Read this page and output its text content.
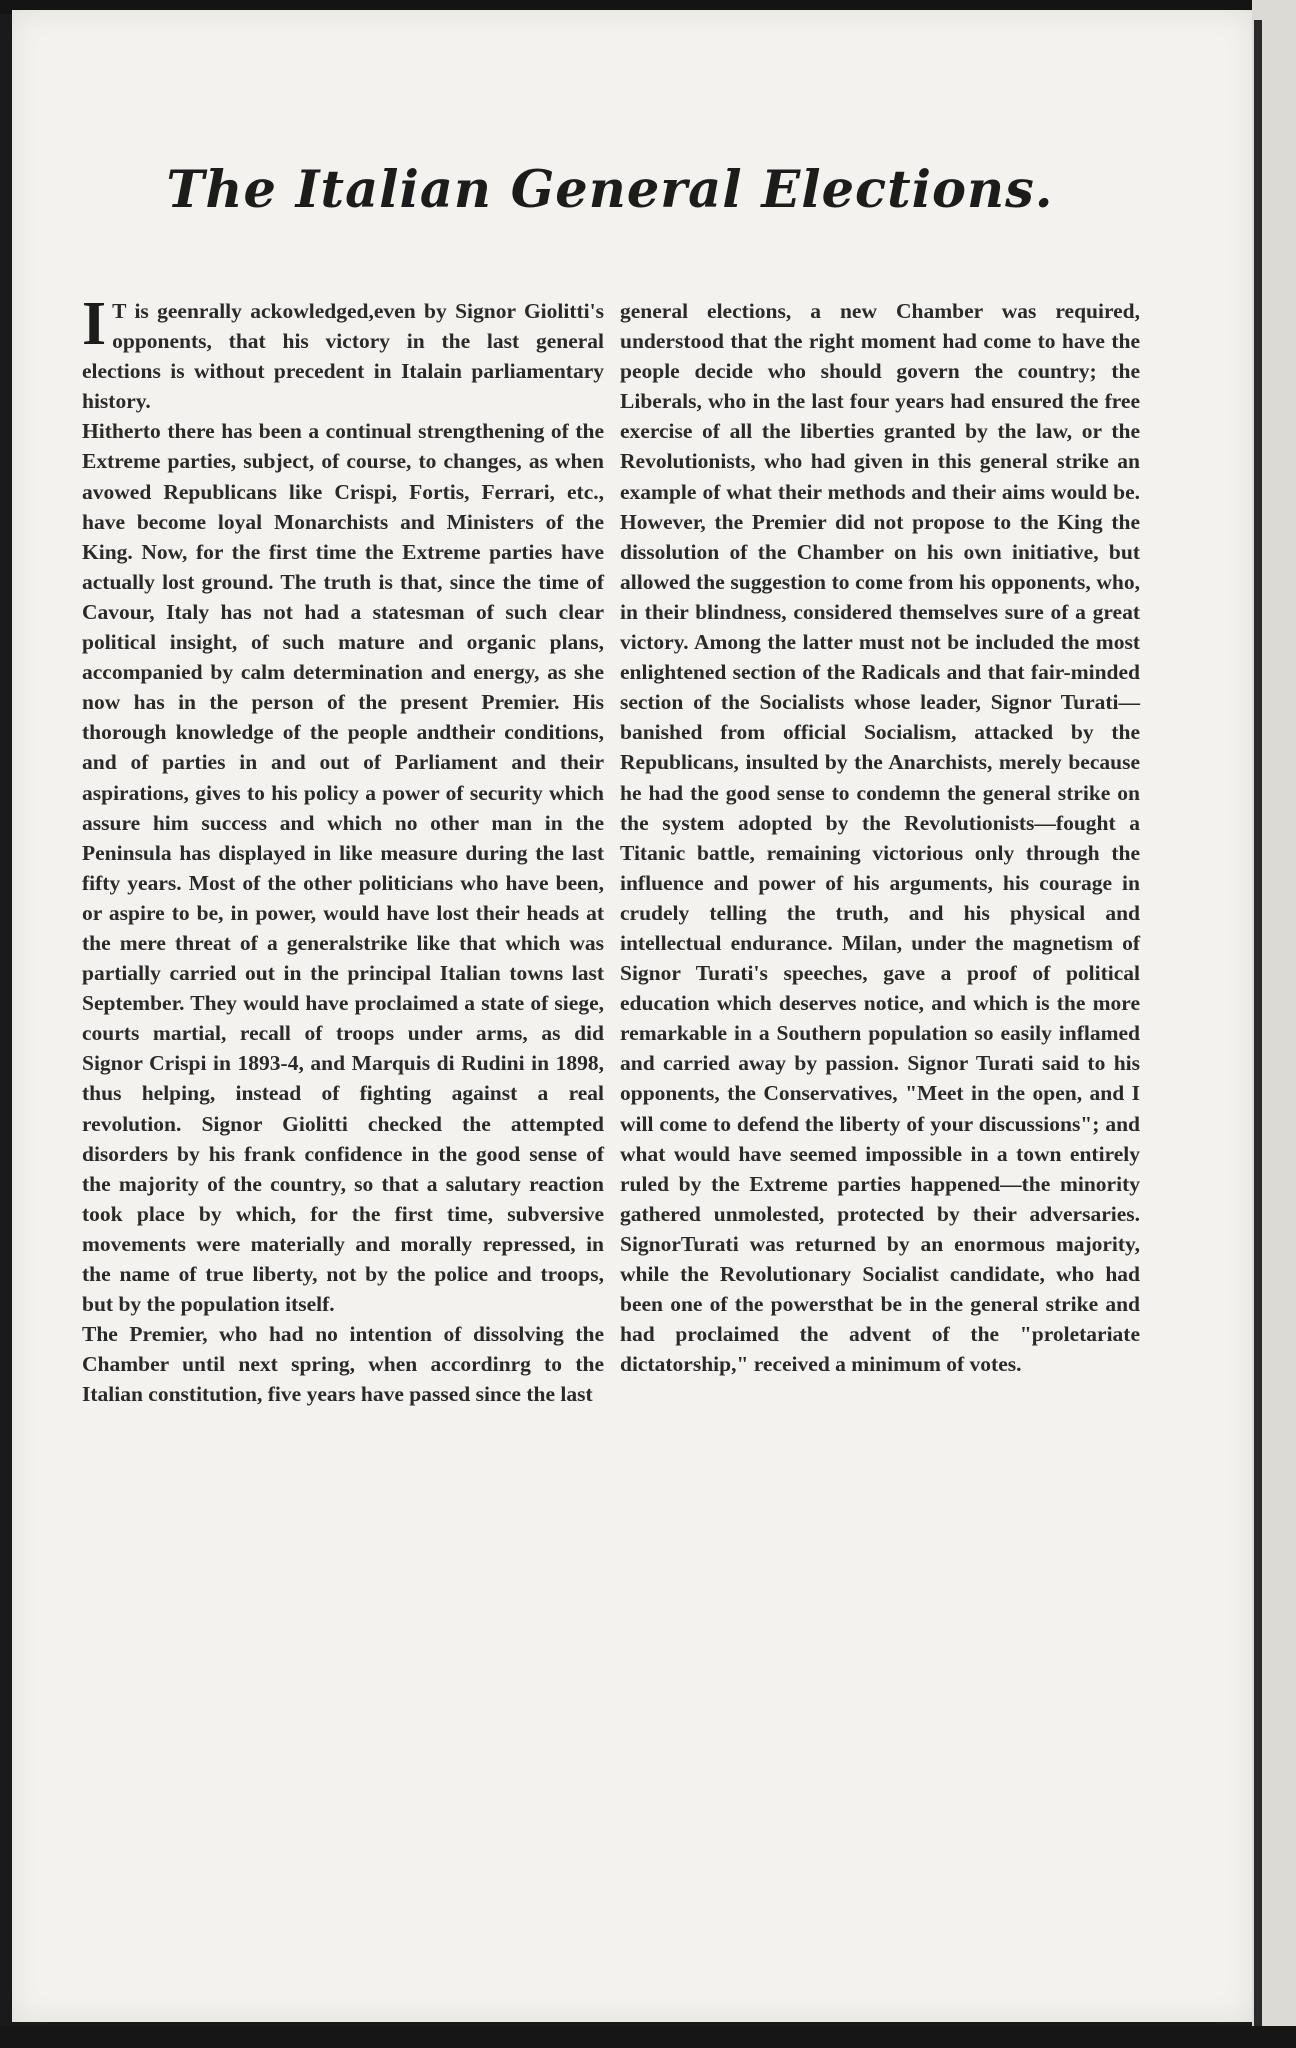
The Italian General Elections.

I T is geenrally ackowledged,even by Signor Giolitti's opponents, that his victory in the last general elections is without precedent in Italain parliamentary history.

Hitherto there has been a continual strengthening of the Extreme parties, subject, of course, to changes, as when avowed Republicans like Crispi, Fortis, Ferrari, etc., have become loyal Monarchists and Ministers of the King. Now, for the first time the Extreme parties have actually lost ground. The truth is that, since the time of Cavour, Italy has not had a statesman of such clear political insight, of such mature and organic plans, accompanied by calm determination and energy, as she now has in the person of the present Premier. His thorough knowledge of the people andtheir conditions, and of parties in and out of Parliament and their aspirations, gives to his policy a power of security which assure him success and which no other man in the Peninsula has displayed in like measure during the last fifty years. Most of the other politicians who have been, or aspire to be, in power, would have lost their heads at the mere threat of a generalstrike like that which was partially carried out in the principal Italian towns last September. They would have proclaimed a state of siege, courts martial, recall of troops under arms, as did Signor Crispi in 1893-4, and Marquis di Rudini in 1898, thus helping, instead of fighting against a real revolution. Signor Giolitti checked the attempted disorders by his frank confidence in the good sense of the majority of the country, so that a salutary reaction took place by which, for the first time, subversive movements were materially and morally repressed, in the name of true liberty, not by the police and troops, but by the population itself.

The Premier, who had no intention of dissolving the Chamber until next spring, when accordinrg to the Italian constitution, five years have passed since the last

general elections, a new Chamber was required, understood that the right moment had come to have the people decide who should govern the country; the Liberals, who in the last four years had ensured the free exercise of all the liberties granted by the law, or the Revolutionists, who had given in this general strike an example of what their methods and their aims would be. However, the Premier did not propose to the King the dissolution of the Chamber on his own initiative, but allowed the suggestion to come from his opponents, who, in their blindness, considered themselves sure of a great victory. Among the latter must not be included the most enlightened section of the Radicals and that fair-minded section of the Socialists whose leader, Signor Turati—banished from official Socialism, attacked by the Republicans, insulted by the Anarchists, merely because he had the good sense to condemn the general strike on the system adopted by the Revolutionists—fought a Titanic battle, remaining victorious only through the influence and power of his arguments, his courage in crudely telling the truth, and his physical and intellectual endurance. Milan, under the magnetism of Signor Turati's speeches, gave a proof of political education which deserves notice, and which is the more remarkable in a Southern population so easily inflamed and carried away by passion. Signor Turati said to his opponents, the Conservatives, "Meet in the open, and I will come to defend the liberty of your discussions"; and what would have seemed impossible in a town entirely ruled by the Extreme parties happened—the minority gathered unmolested, protected by their adversaries. SignorTurati was returned by an enormous majority, while the Revolutionary Socialist candidate, who had been one of the powersthat be in the general strike and had proclaimed the advent of the "proletariate dictatorship," received a minimum of votes.
